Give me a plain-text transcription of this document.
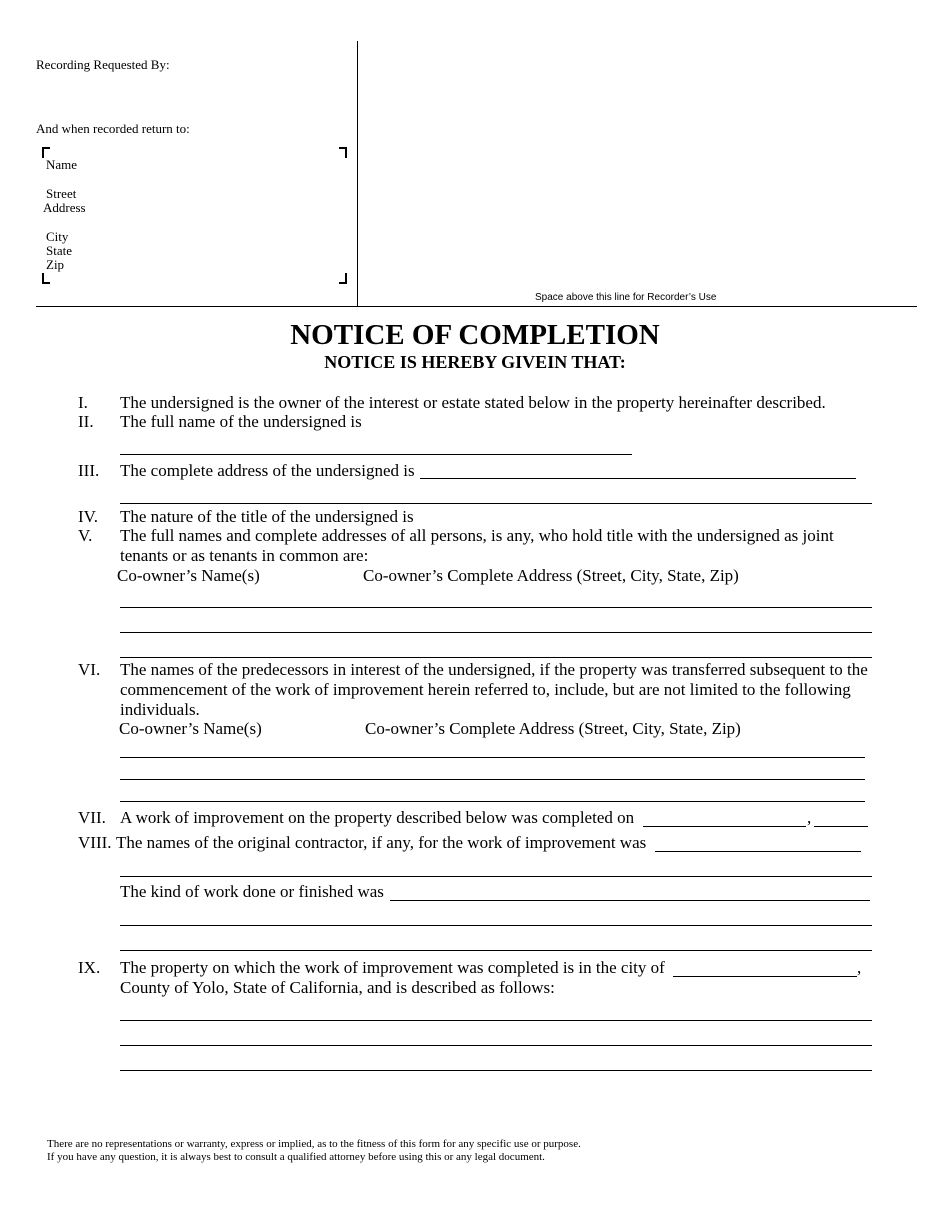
Recording Requested By:
And when recorded return to:
Name
Street
Address
City
State
Zip
Space above this line for Recorder’s Use
NOTICE OF COMPLETION
NOTICE IS HEREBY GIVEIN THAT:
I. The undersigned is the owner of the interest or estate stated below in the property hereinafter described.
II. The full name of the undersigned is
III. The complete address of the undersigned is
IV. The nature of the title of the undersigned is
V. The full names and complete addresses of all persons, is any, who hold title with the undersigned as joint
tenants or as tenants in common are:
Co-owner’s Name(s)	Co-owner’s Complete Address (Street, City, State, Zip)
VI. The names of the predecessors in interest of the undersigned, if the property was transferred subsequent to the
commencement of the work of improvement herein referred to, include, but are not limited to the following
individuals.
Co-owner’s Name(s)	Co-owner’s Complete Address (Street, City, State, Zip)
VII. A work of improvement on the property described below was completed on	,
VIII. The names of the original contractor, if any, for the work of improvement was
The kind of work done or finished was
IX. The property on which the work of improvement was completed is in the city of	,
County of Yolo, State of California, and is described as follows:
There are no representations or warranty, express or implied, as to the fitness of this form for any specific use or purpose.
If you have any question, it is always best to consult a qualified attorney before using this or any legal document.
